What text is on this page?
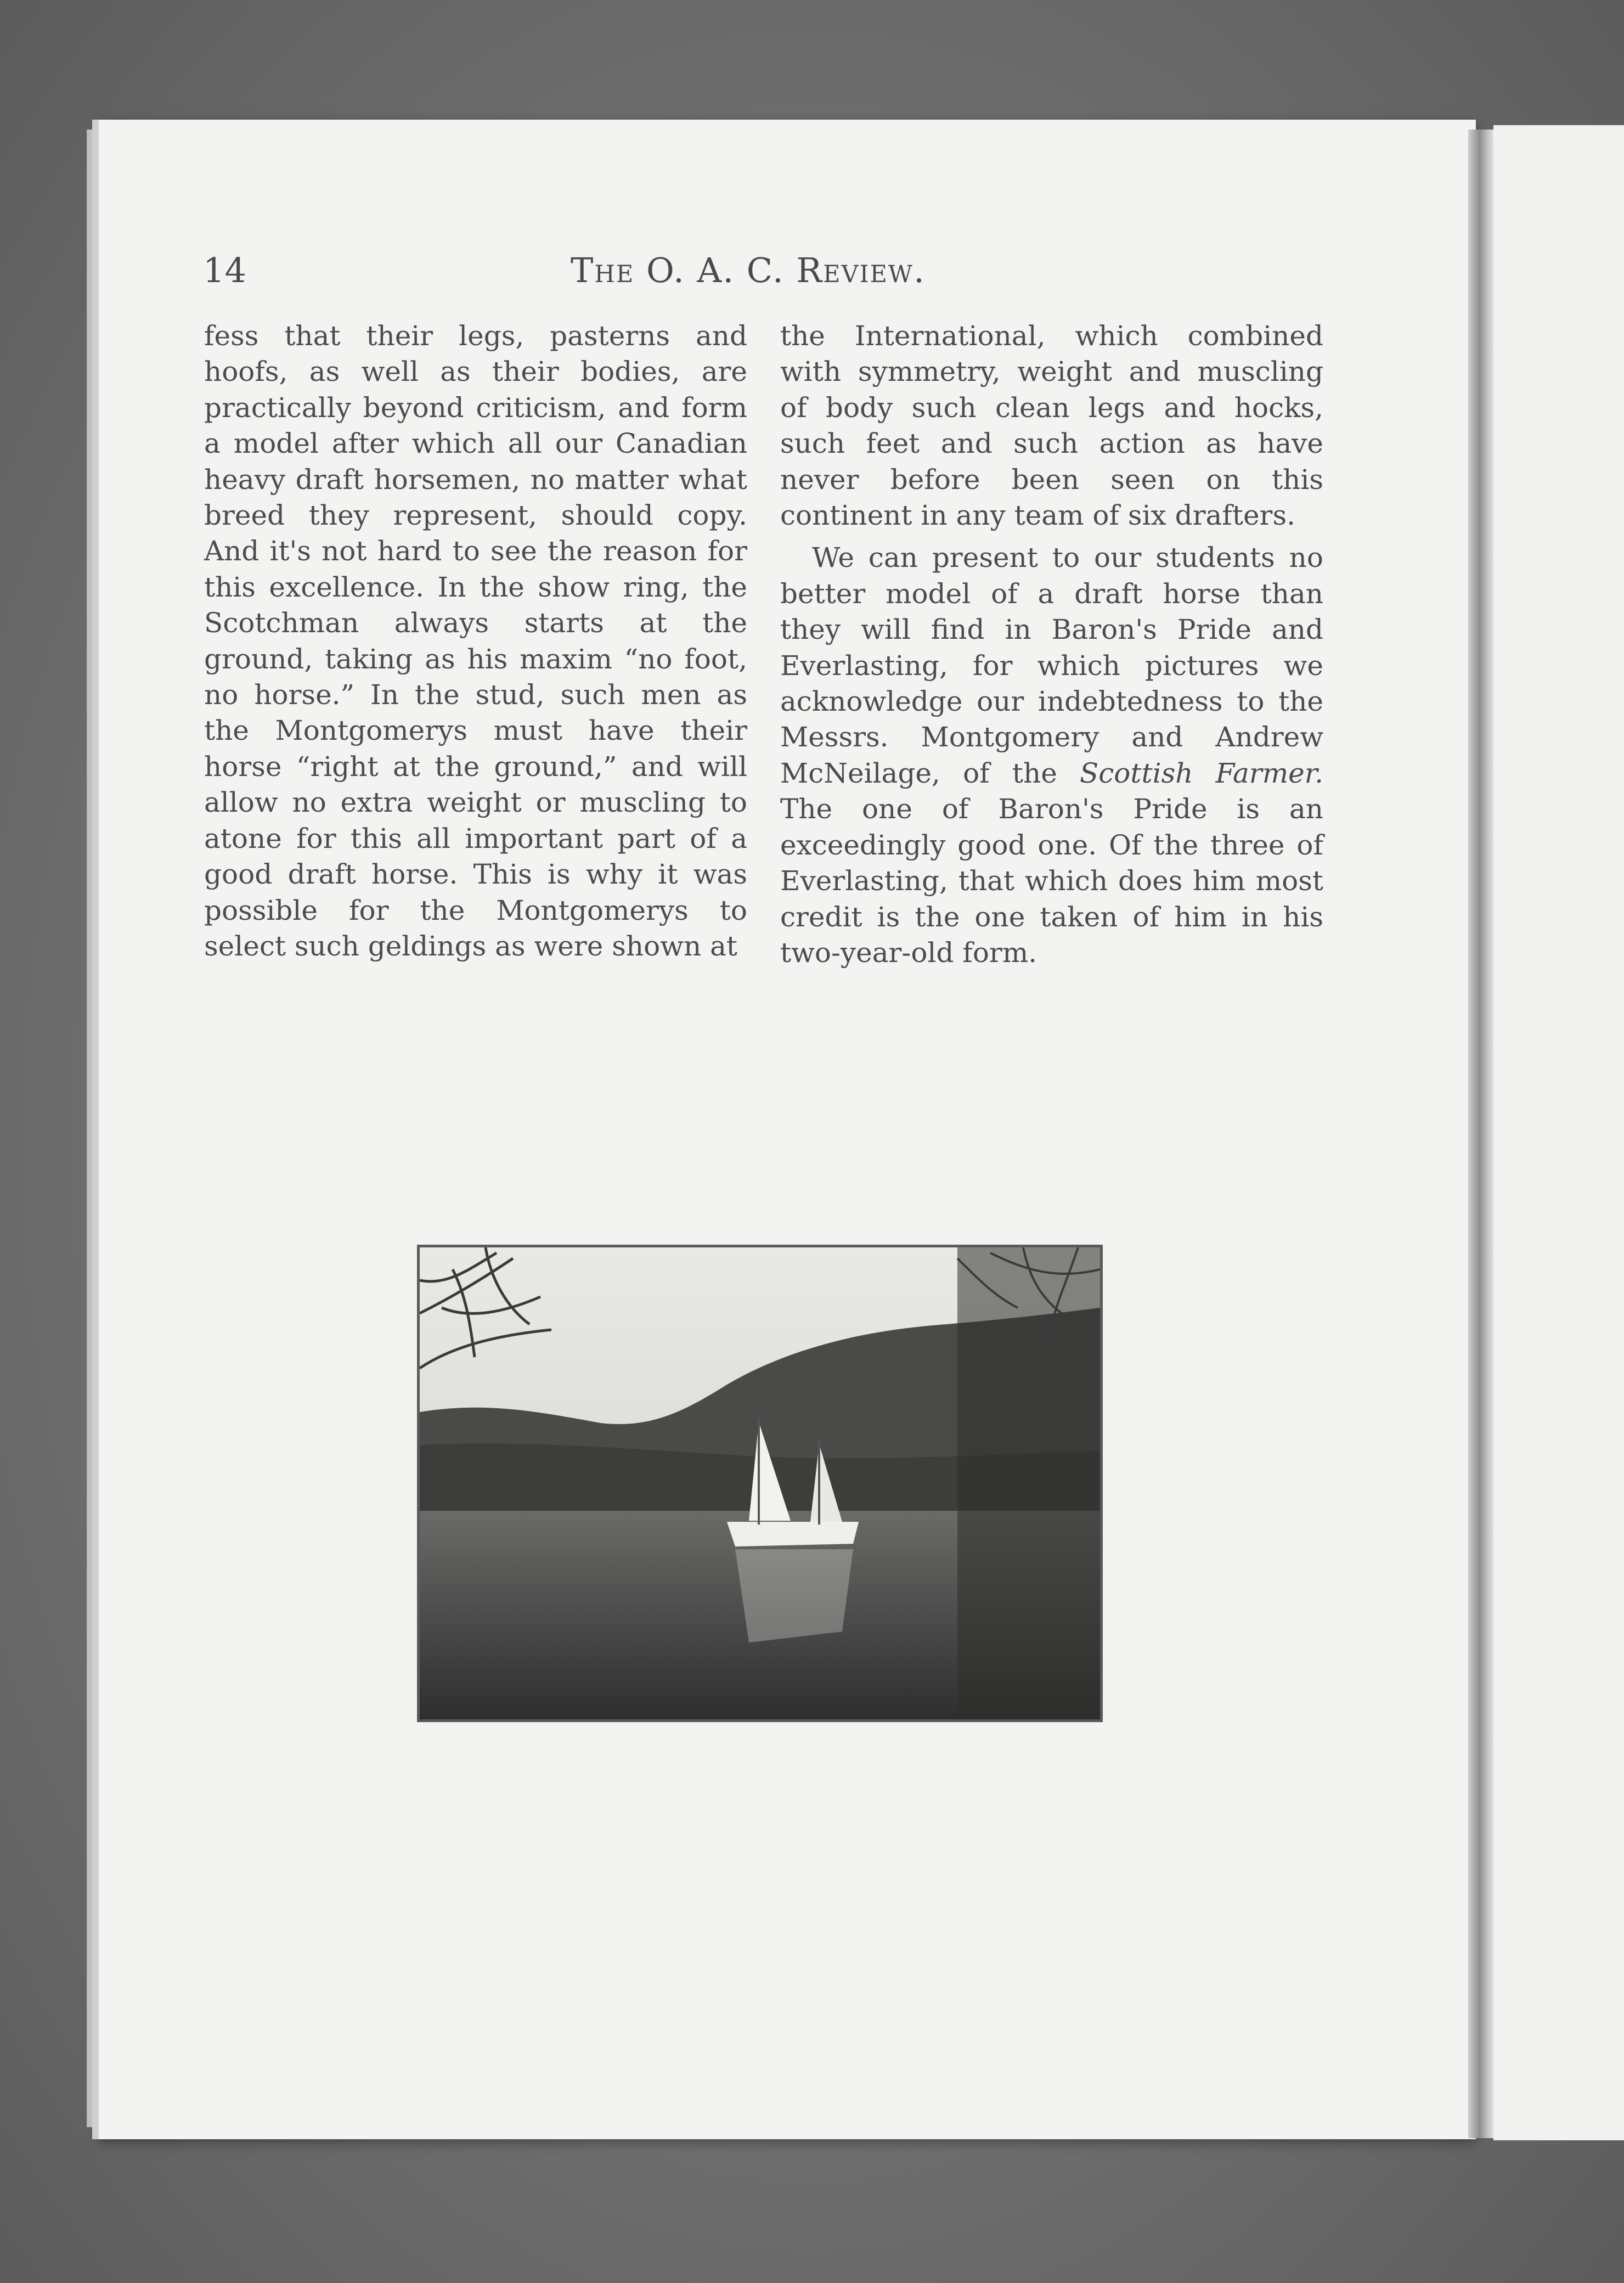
14	The O. A. C. Review.

fess that their legs, pasterns and hoofs, as well as their bodies, are practically beyond criticism, and form a model after which all our Canadian heavy draft horsemen, no matter what breed they represent, should copy. And it's not hard to see the reason for this excellence. In the show ring, the Scotchman always starts at the ground, taking as his maxim “no foot, no horse.” In the stud, such men as the Montgomerys must have their horse “right at the ground,” and will allow no extra weight or muscling to atone for this all important part of a good draft horse. This is why it was possible for the Montgomerys to select such geldings as were shown at

the International, which combined with symmetry, weight and muscling of body such clean legs and hocks, such feet and such action as have never before been seen on this continent in any team of six drafters.

We can present to our students no better model of a draft horse than they will find in Baron's Pride and Everlasting, for which pictures we acknowledge our indebtedness to the Messrs. Montgomery and Andrew McNeilage, of the Scottish Farmer. The one of Baron's Pride is an exceedingly good one. Of the three of Everlasting, that which does him most credit is the one taken of him in his two-year-old form.
